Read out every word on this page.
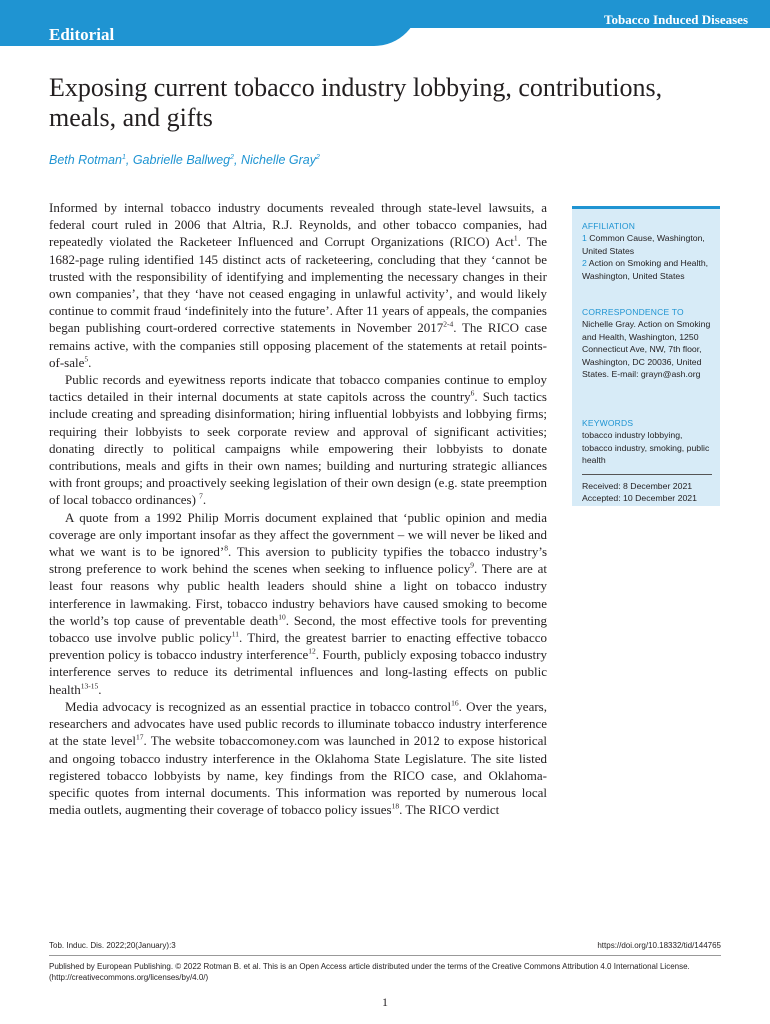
Editorial
Tobacco Induced Diseases
Exposing current tobacco industry lobbying, contributions, meals, and gifts
Beth Rotman$^1$, Gabrielle Ballweg$^2$, Nichelle Gray$^2$

Informed by internal tobacco industry documents revealed through state-level lawsuits, a federal court ruled in 2006 that Altria, R.J. Reynolds, and other tobacco companies, had repeatedly violated the Racketeer Influenced and Corrupt Organizations (RICO) Act$^1$. The 1682-page ruling identified 145 distinct acts of racketeering, concluding that they ‘cannot be trusted with the responsibility of identifying and implementing the necessary changes in their own companies’, that they ‘have not ceased engaging in unlawful activity’, and would likely continue to commit fraud ‘indefinitely into the future’. After 11 years of appeals, the companies began publishing court-ordered corrective statements in November 2017$^{2-4}$. The RICO case remains active, with the companies still opposing placement of the statements at retail points-of-sale$^5$.

Public records and eyewitness reports indicate that tobacco companies continue to employ tactics detailed in their internal documents at state capitols across the country$^6$. Such tactics include creating and spreading disinformation; hiring influential lobbyists and lobbying firms; requiring their lobbyists to seek corporate review and approval of significant activities; donating directly to political campaigns while empowering their lobbyists to donate contributions, meals and gifts in their own names; building and nurturing strategic alliances with front groups; and proactively seeking legislation of their own design (e.g. state preemption of local tobacco ordinances) $^7$.

A quote from a 1992 Philip Morris document explained that ‘public opinion and media coverage are only important insofar as they affect the government – we will never be liked and what we want is to be ignored’$^8$. This aversion to publicity typifies the tobacco industry’s strong preference to work behind the scenes when seeking to influence policy$^9$. There are at least four reasons why public health leaders should shine a light on tobacco industry interference in lawmaking. First, tobacco industry behaviors have caused smoking to become the world’s top cause of preventable death$^{10}$. Second, the most effective tools for preventing tobacco use involve public policy$^{11}$. Third, the greatest barrier to enacting effective tobacco prevention policy is tobacco industry interference$^{12}$. Fourth, publicly exposing tobacco industry interference serves to reduce its detrimental influences and long-lasting effects on public health$^{13-15}$.

Media advocacy is recognized as an essential practice in tobacco control$^{16}$. Over the years, researchers and advocates have used public records to illuminate tobacco industry interference at the state level$^{17}$. The website tobaccomoney.com was launched in 2012 to expose historical and ongoing tobacco industry interference in the Oklahoma State Legislature. The site listed registered tobacco lobbyists by name, key findings from the RICO case, and Oklahoma-specific quotes from internal documents. This information was reported by numerous local media outlets, augmenting their coverage of tobacco policy issues$^{18}$. The RICO verdict

AFFILIATION
1 Common Cause, Washington, United States
2 Action on Smoking and Health, Washington, United States
CORRESPONDENCE TO
Nichelle Gray. Action on Smoking and Health, Washington, 1250 Connecticut Ave, NW, 7th floor, Washington, DC 20036, United States. E-mail: grayn@ash.org
KEYWORDS
tobacco industry lobbying, tobacco industry, smoking, public health
Received: 8 December 2021
Accepted: 10 December 2021
Tob. Induc. Dis. 2022;20(January):3	https://doi.org/10.18332/tid/144765
Published by European Publishing. © 2022 Rotman B. et al. This is an Open Access article distributed under the terms of the Creative Commons Attribution 4.0 International License. (http://creativecommons.org/licenses/by/4.0/)
1
